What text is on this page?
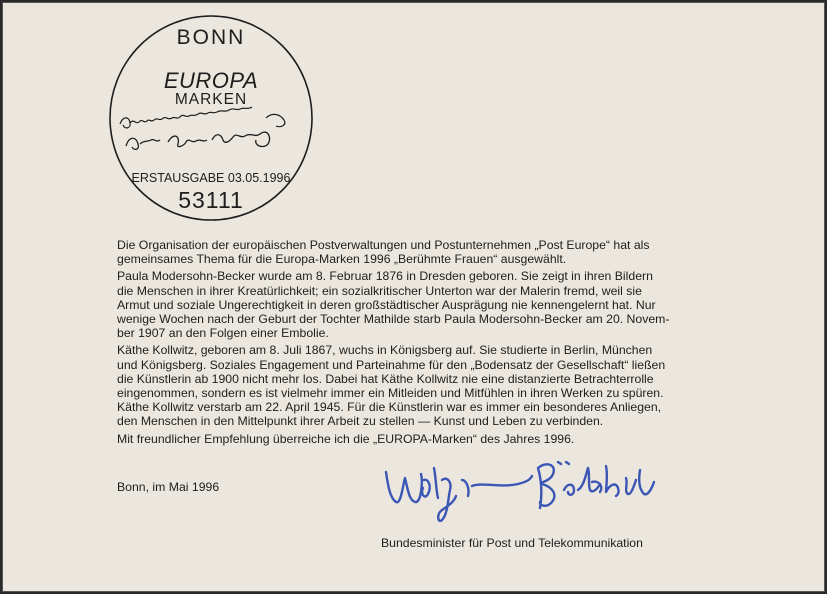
BONN
EUROPA
MARKEN
ERSTAUSGABE 03.05.1996
53111

Die Organisation der europäischen Postverwaltungen und Postunternehmen „Post Europe“ hat als
gemeinsames Thema für die Europa-Marken 1996 „Berühmte Frauen“ ausgewählt.

Paula Modersohn-Becker wurde am 8. Februar 1876 in Dresden geboren. Sie zeigt in ihren Bildern
die Menschen in ihrer Kreatürlichkeit; ein sozialkritischer Unterton war der Malerin fremd, weil sie
Armut und soziale Ungerechtigkeit in deren großstädtischer Ausprägung nie kennengelernt hat. Nur
wenige Wochen nach der Geburt der Tochter Mathilde starb Paula Modersohn-Becker am 20. Novem-
ber 1907 an den Folgen einer Embolie.

Käthe Kollwitz, geboren am 8. Juli 1867, wuchs in Königsberg auf. Sie studierte in Berlin, München
und Königsberg. Soziales Engagement und Parteinahme für den „Bodensatz der Gesellschaft“ ließen
die Künstlerin ab 1900 nicht mehr los. Dabei hat Käthe Kollwitz nie eine distanzierte Betrachterrolle
eingenommen, sondern es ist vielmehr immer ein Mitleiden und Mitfühlen in ihren Werken zu spüren.
Käthe Kollwitz verstarb am 22. April 1945. Für die Künstlerin war es immer ein besonderes Anliegen,
den Menschen in den Mittelpunkt ihrer Arbeit zu stellen — Kunst und Leben zu verbinden.

Mit freundlicher Empfehlung überreiche ich die „EUROPA-Marken“ des Jahres 1996.

Bonn, im Mai 1996
Bundesminister für Post und Telekommunikation
